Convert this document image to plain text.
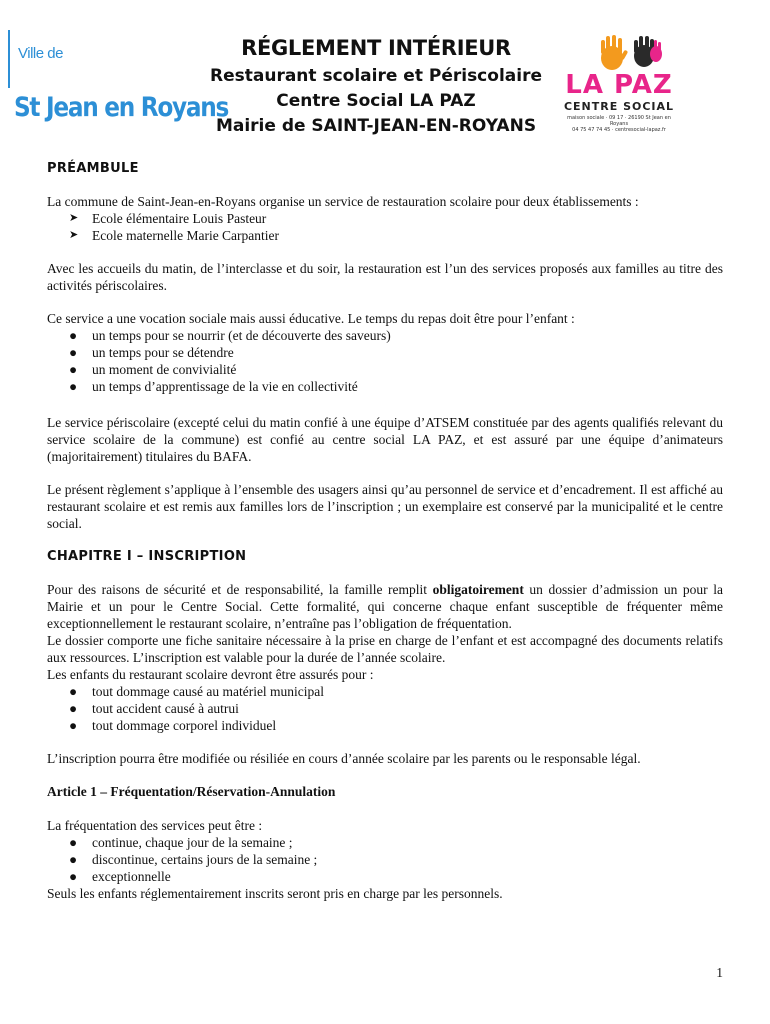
Ville de
St Jean en Royans
RÉGLEMENT INTÉRIEUR
Restaurant scolaire et Périscolaire
Centre Social LA PAZ
Mairie de SAINT-JEAN-EN-ROYANS
LA PAZ
CENTRE SOCIAL
maison sociale · 09 17 · 26190 St Jean en Royans
04 75 47 74 45 · centresocial-lapaz.fr
PRÉAMBULE

La commune de Saint-Jean-en-Royans organise un service de restauration scolaire pour deux établissements :

➤ Ecole élémentaire Louis Pasteur
➤ Ecole maternelle Marie Carpantier

Avec les accueils du matin, de l’interclasse et du soir, la restauration est l’un des services proposés aux familles au titre des activités périscolaires.

Ce service a une vocation sociale mais aussi éducative. Le temps du repas doit être pour l’enfant :

● un temps pour se nourrir (et de découverte des saveurs)
● un temps pour se détendre
● un moment de convivialité
● un temps d’apprentissage de la vie en collectivité

Le service périscolaire (excepté celui du matin confié à une équipe d’ATSEM constituée par des agents qualifiés relevant du service scolaire de la commune) est confié au centre social LA PAZ, et est assuré par une équipe d’animateurs (majoritairement) titulaires du BAFA.

Le présent règlement s’applique à l’ensemble des usagers ainsi qu’au personnel de service et d’encadrement. Il est affiché au restaurant scolaire et est remis aux familles lors de l’inscription ; un exemplaire est conservé par la municipalité et le centre social.

CHAPITRE I – INSCRIPTION

Pour des raisons de sécurité et de responsabilité, la famille remplit obligatoirement un dossier d’admission un pour la Mairie et un pour le Centre Social. Cette formalité, qui concerne chaque enfant susceptible de fréquenter même exceptionnellement le restaurant scolaire, n’entraîne pas l’obligation de fréquentation.

Le dossier comporte une fiche sanitaire nécessaire à la prise en charge de l’enfant et est accompagné des documents relatifs aux ressources. L’inscription est valable pour la durée de l’année scolaire.

Les enfants du restaurant scolaire devront être assurés pour :

● tout dommage causé au matériel municipal
● tout accident causé à autrui
● tout dommage corporel individuel

L’inscription pourra être modifiée ou résiliée en cours d’année scolaire par les parents ou le responsable légal.

Article 1 – Fréquentation/Réservation-Annulation

La fréquentation des services peut être :

● continue, chaque jour de la semaine ;
● discontinue, certains jours de la semaine ;
● exceptionnelle

Seuls les enfants réglementairement inscrits seront pris en charge par les personnels.

1
